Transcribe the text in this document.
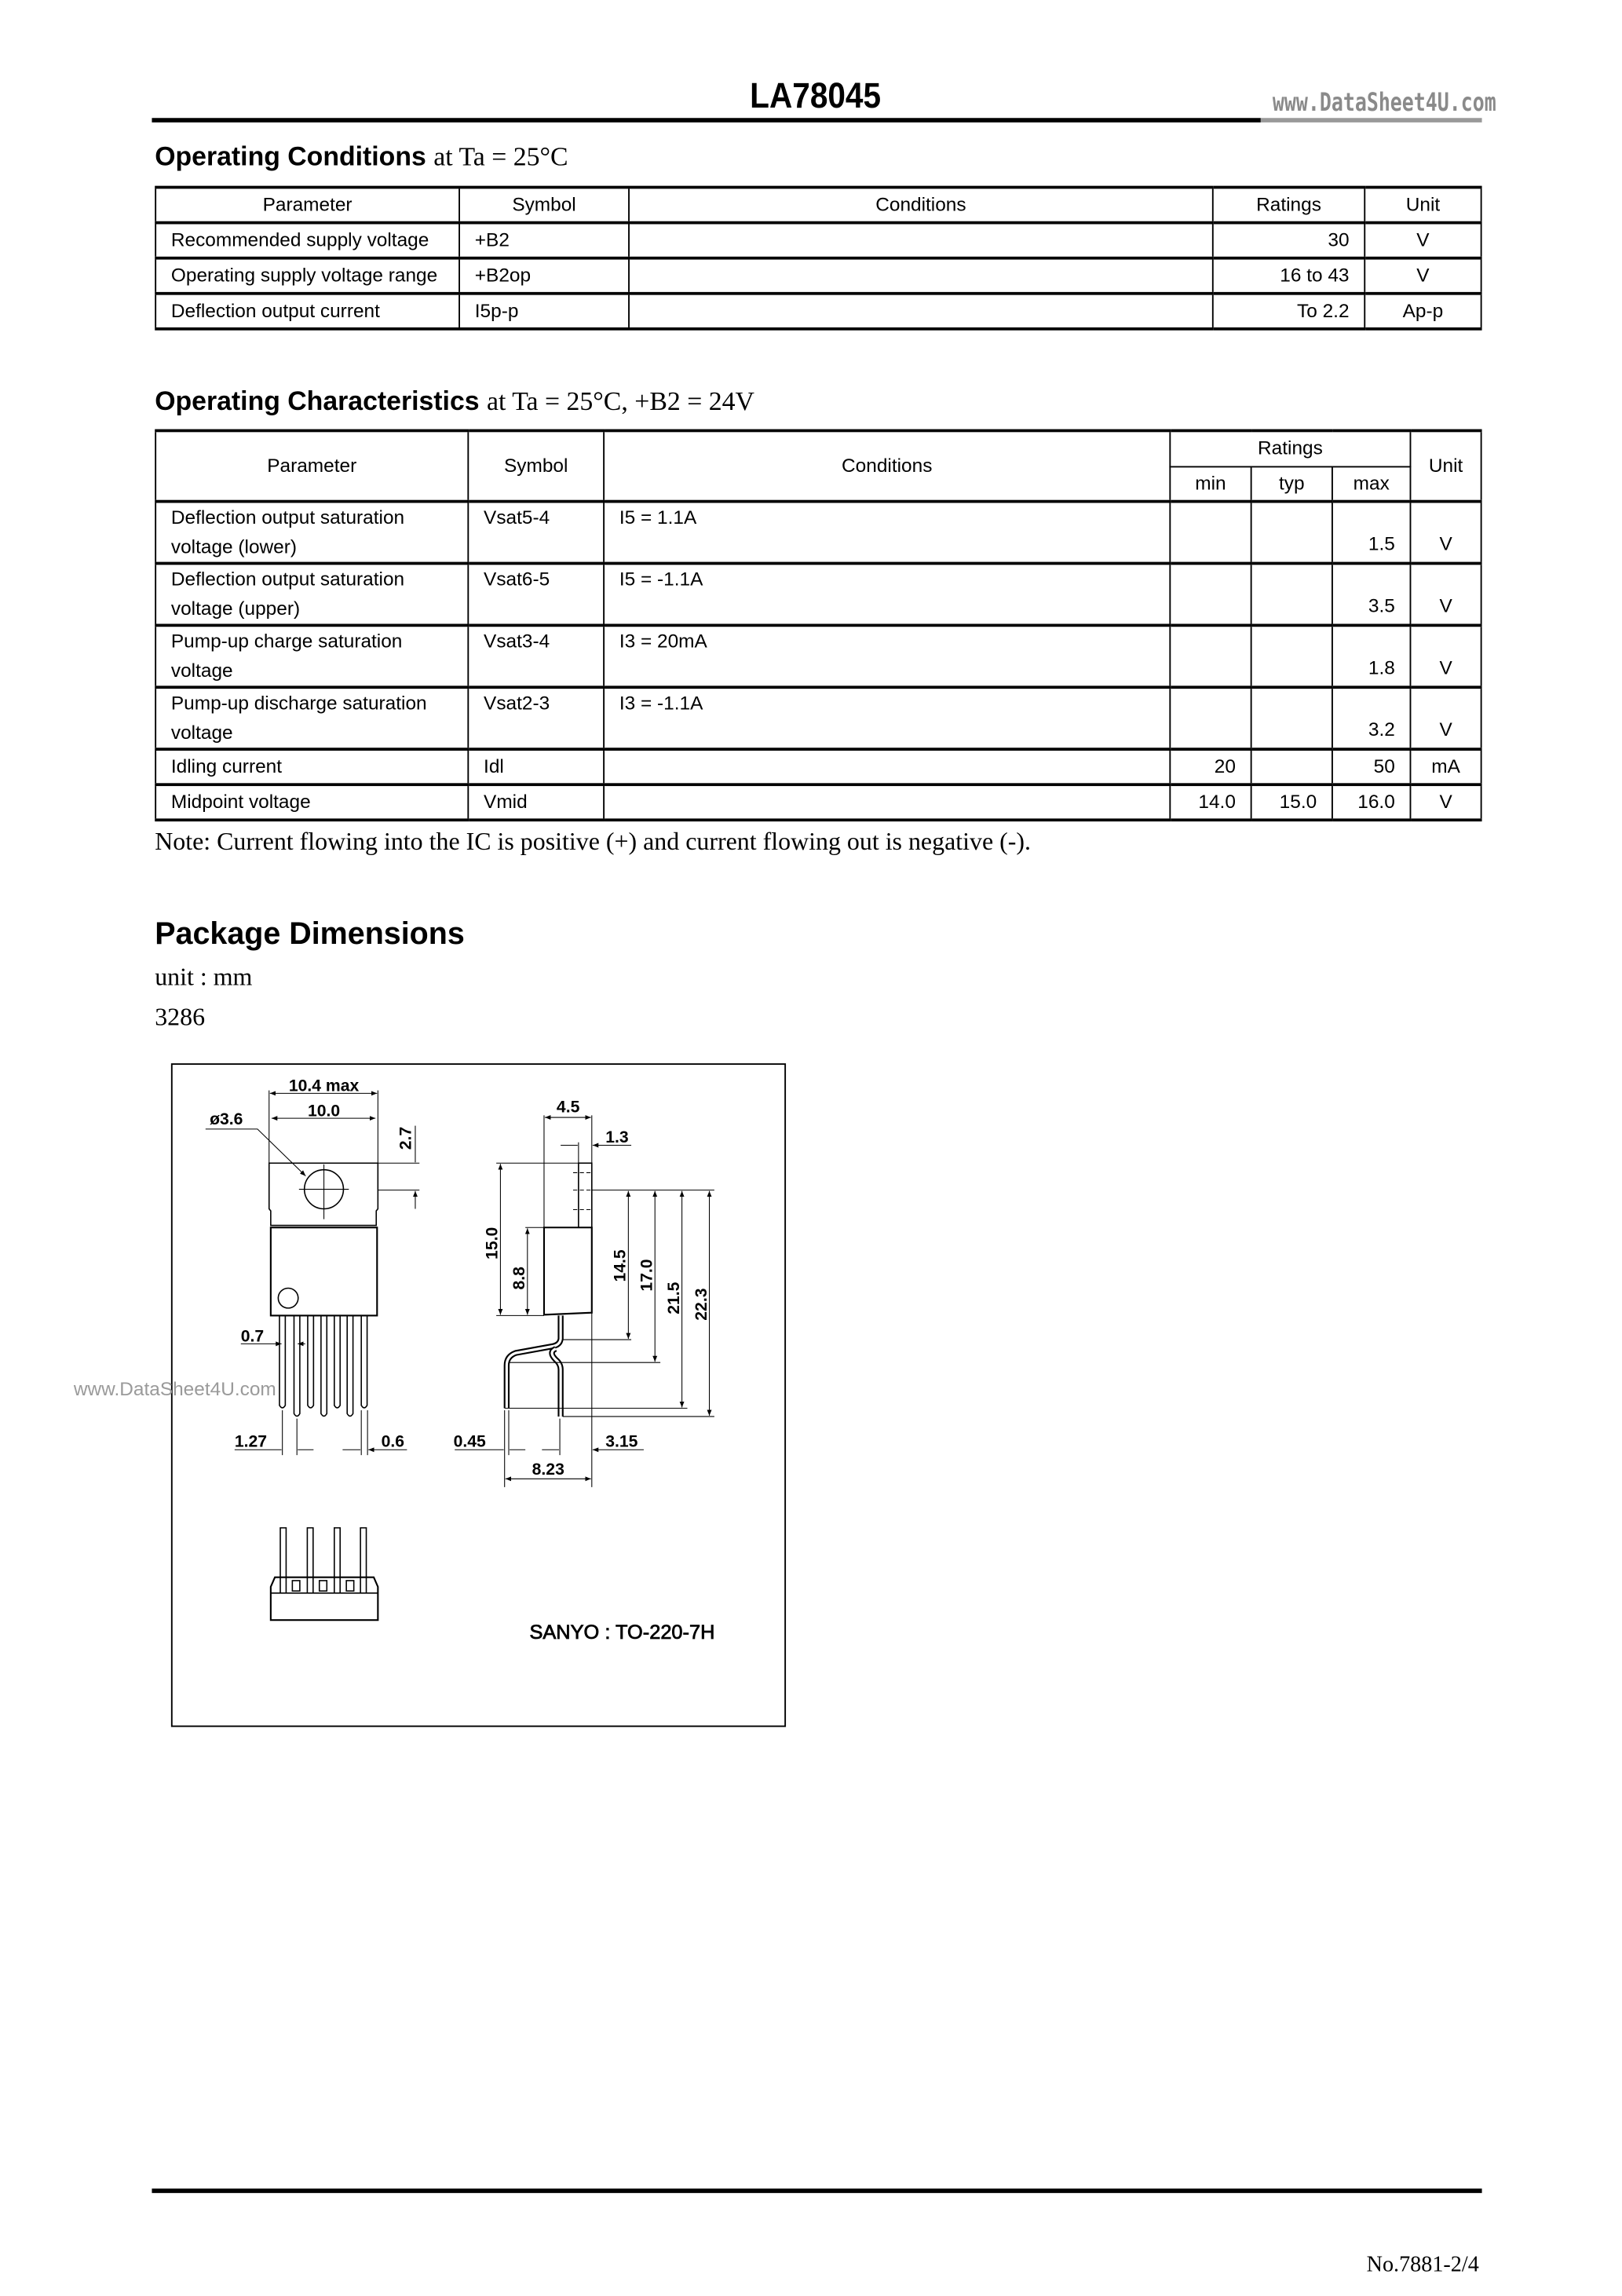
LA78045	www.DataSheet4U.com
Operating Conditions at Ta = 25°C
Parameter	Symbol	Conditions	Ratings	Unit
Recommended supply voltage	+B2		30	V
Operating supply voltage range	+B2op		16 to 43	V
Deflection output current	I5p-p		To 2.2	Ap-p
Operating Characteristics at Ta = 25°C, +B2 = 24V
Parameter	Symbol	Conditions	Ratings			Unit
			min	typ	max	
Deflection output saturation voltage (lower)	Vsat5-4	I5 = 1.1A			1.5	V
Deflection output saturation voltage (upper)	Vsat6-5	I5 = -1.1A			3.5	V
Pump-up charge saturation voltage	Vsat3-4	I3 = 20mA			1.8	V
Pump-up discharge saturation voltage	Vsat2-3	I3 = -1.1A			3.2	V
Idling current	Idl		20		50	mA
Midpoint voltage	Vmid		14.0	15.0	16.0	V
Note: Current flowing into the IC is positive (+) and current flowing out is negative (-).
Package Dimensions
unit : mm
3286
10.4 max
10.0
ø3.6
2.7
0.7
1.27	0.6
4.5
1.3
15.0
8.8	14.5 17.0
21.5 22.3
0.45	3.15
8.23
SANYO : TO-220-7H
www.DataSheet4U.com
No.7881-2/4
